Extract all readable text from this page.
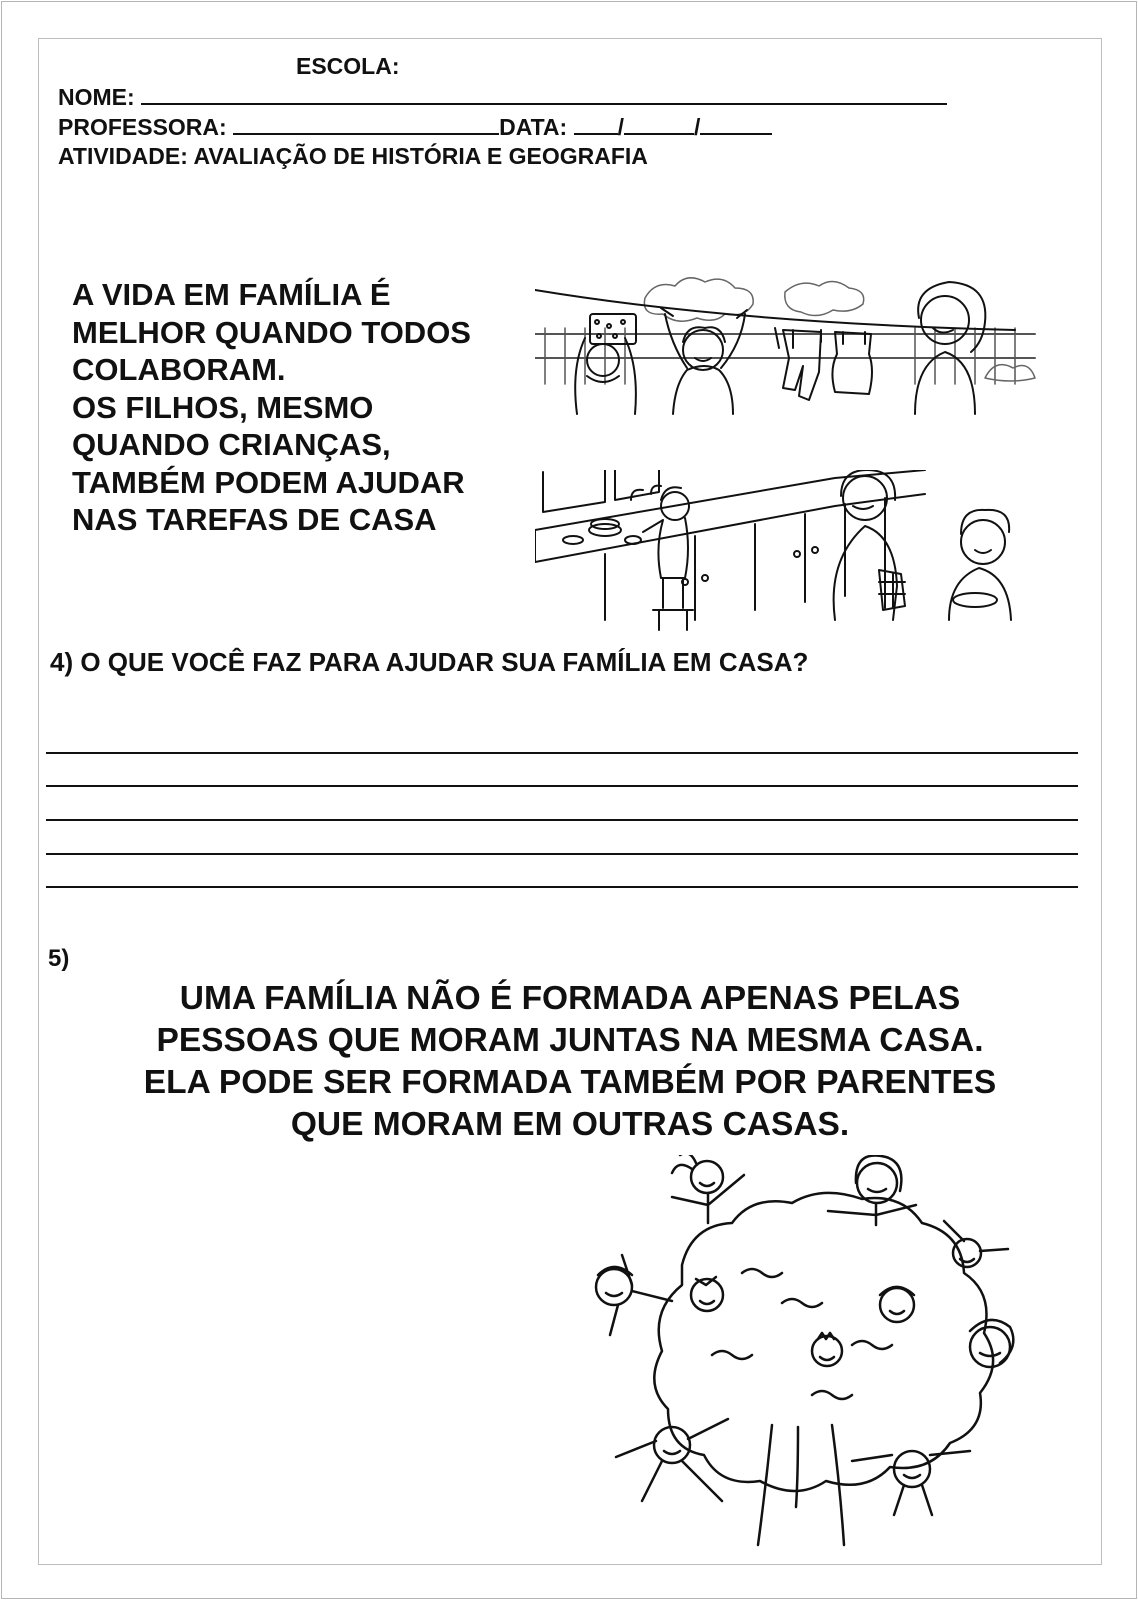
ESCOLA:
NOME:
PROFESSORA:	DATA: /	/
ATIVIDADE: AVALIAÇÃO DE HISTÓRIA E GEOGRAFIA
A VIDA EM FAMÍLIA É
MELHOR QUANDO TODOS
COLABORAM.
OS FILHOS, MESMO
QUANDO CRIANÇAS,
TAMBÉM PODEM AJUDAR
NAS TAREFAS DE CASA
4) O QUE VOCÊ FAZ PARA AJUDAR SUA FAMÍLIA EM CASA?
5)
UMA FAMÍLIA NÃO É FORMADA APENAS PELAS
PESSOAS QUE MORAM JUNTAS NA MESMA CASA.
ELA PODE SER FORMADA TAMBÉM POR PARENTES
QUE MORAM EM OUTRAS CASAS.
